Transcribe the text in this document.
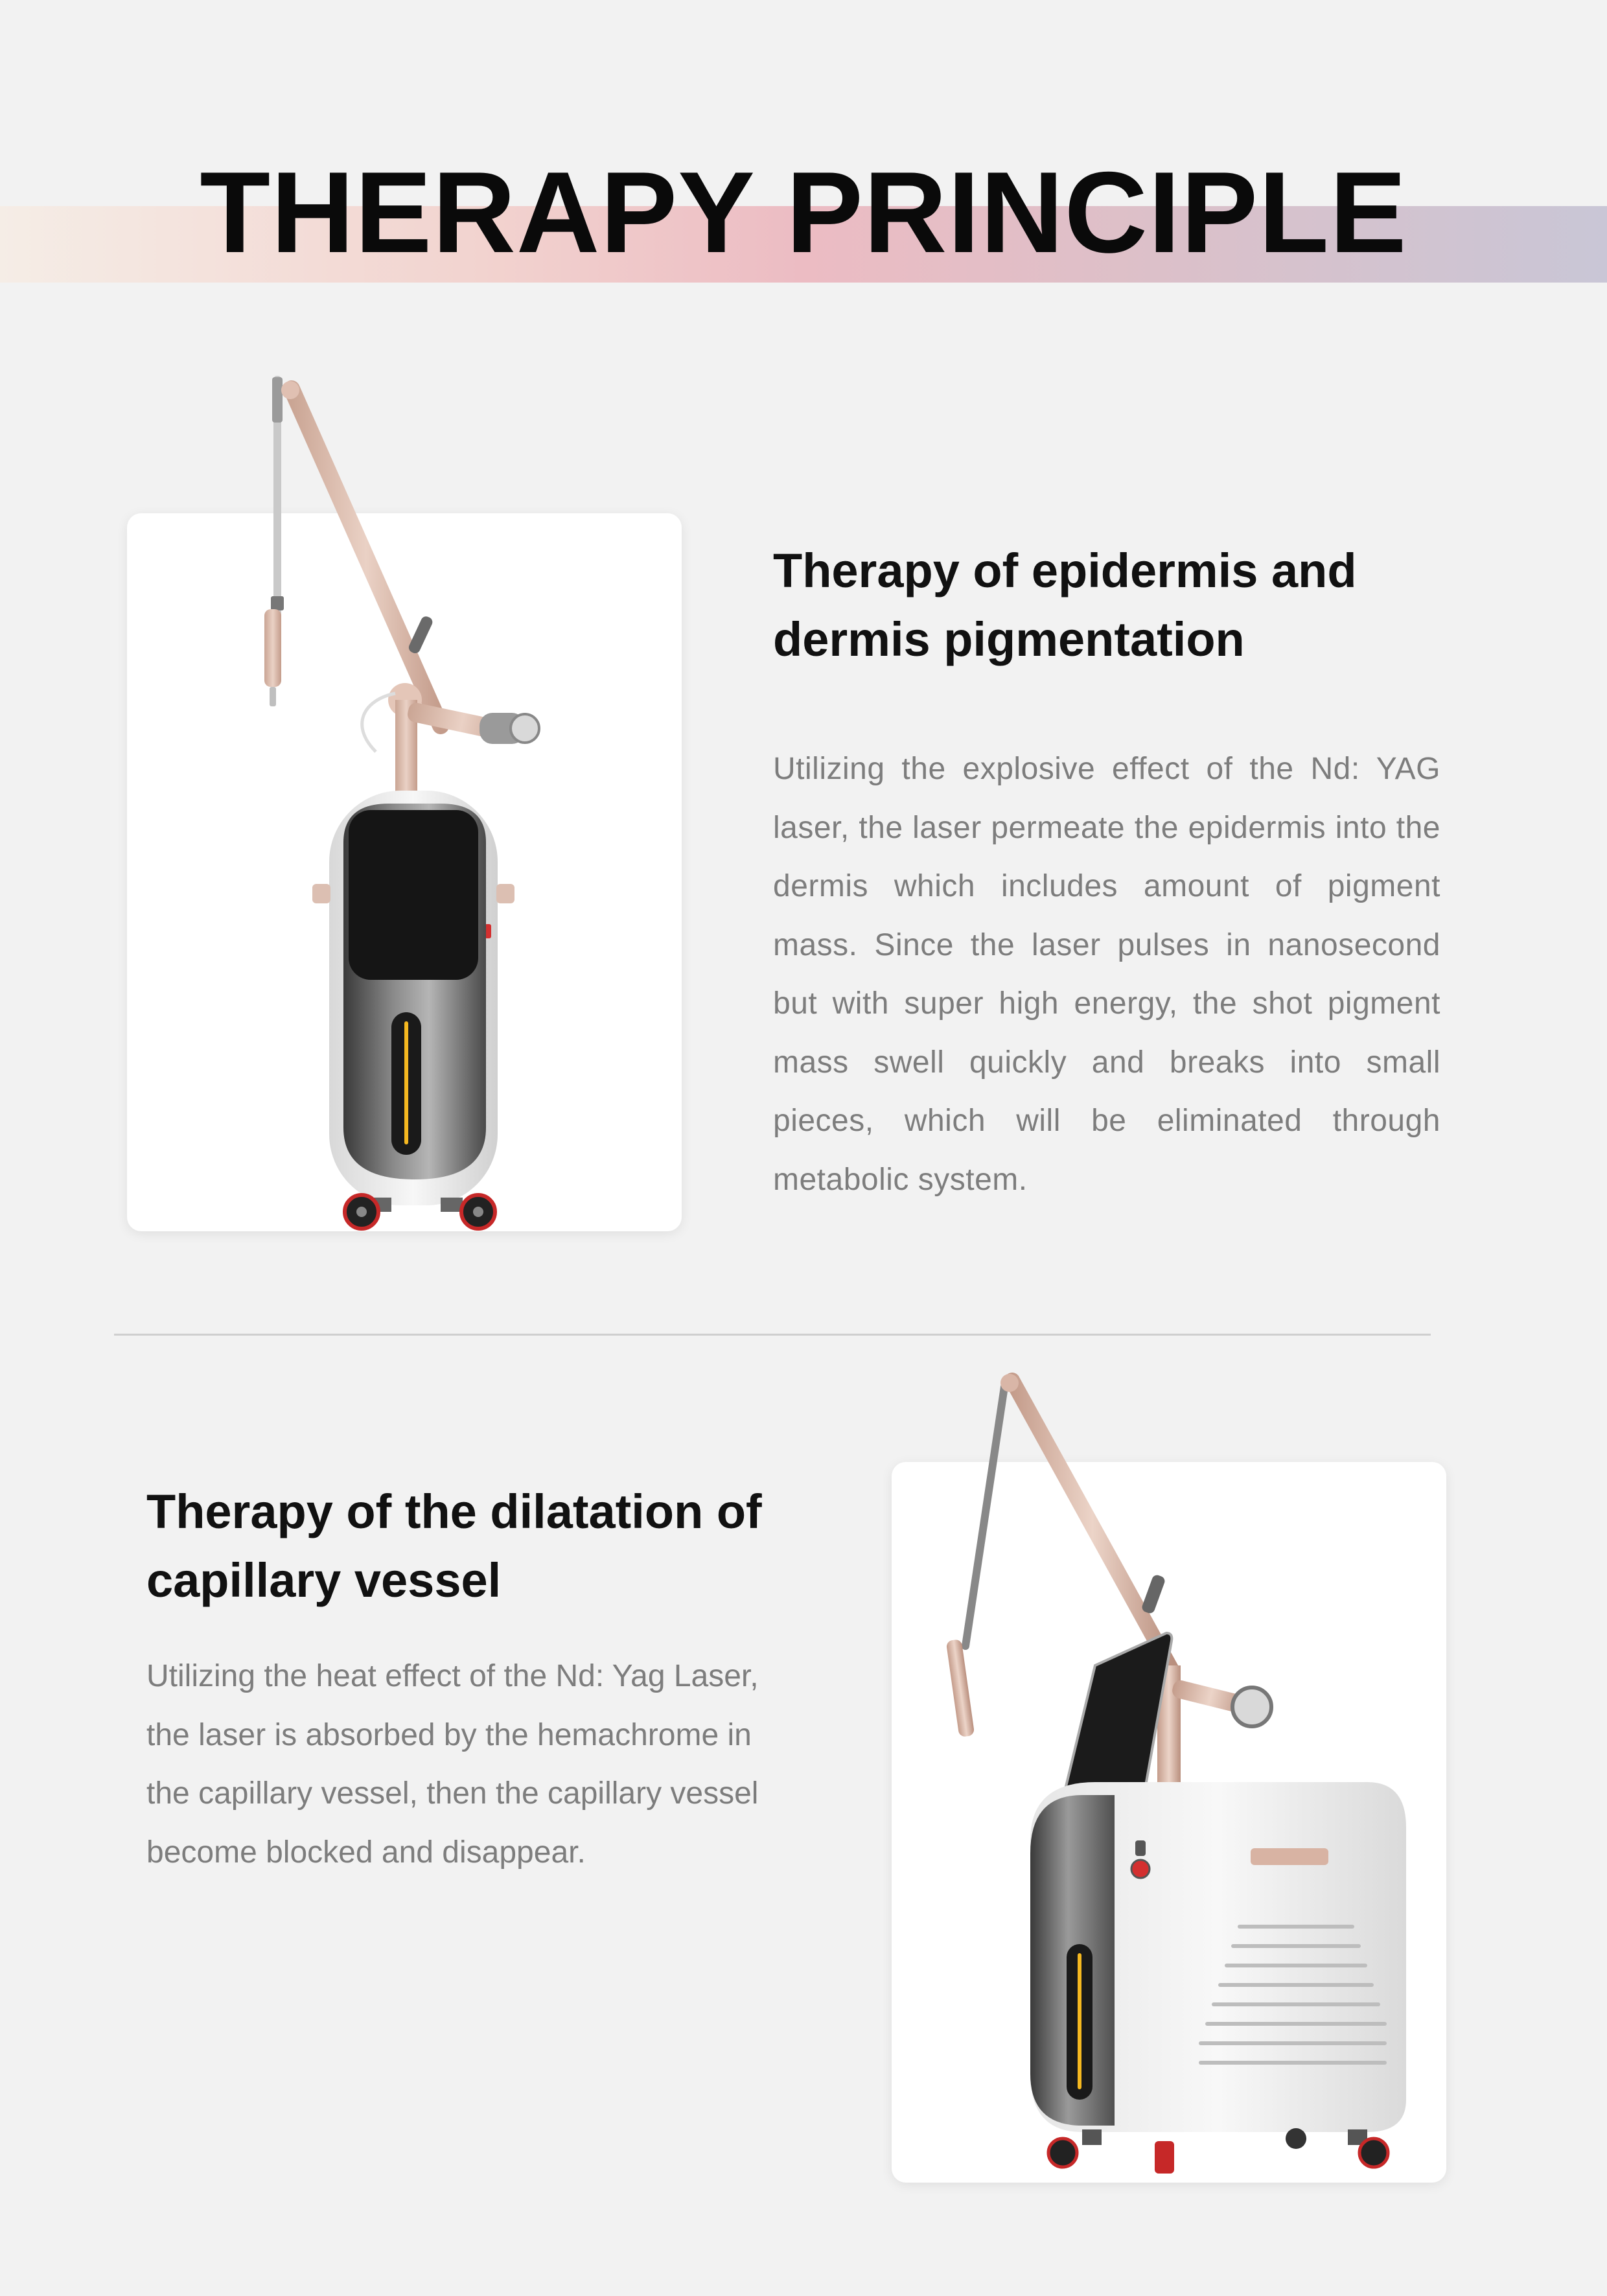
THERAPY PRINCIPLE
Therapy of epidermis and dermis pigmentation

Utilizing the explosive effect of the Nd: YAG laser, the laser permeate the epidermis into the dermis which includes amount of pigment mass. Since the laser pulses in nanosecond but with super high energy, the shot pigment mass swell quickly and breaks into small pieces, which will be eliminated through metabolic system.

Therapy of the dilatation of capillary vessel

Utilizing the heat effect of the Nd: Yag Laser, the laser is absorbed by the hemachrome in the capillary vessel, then the capillary vessel become blocked and disappear.
